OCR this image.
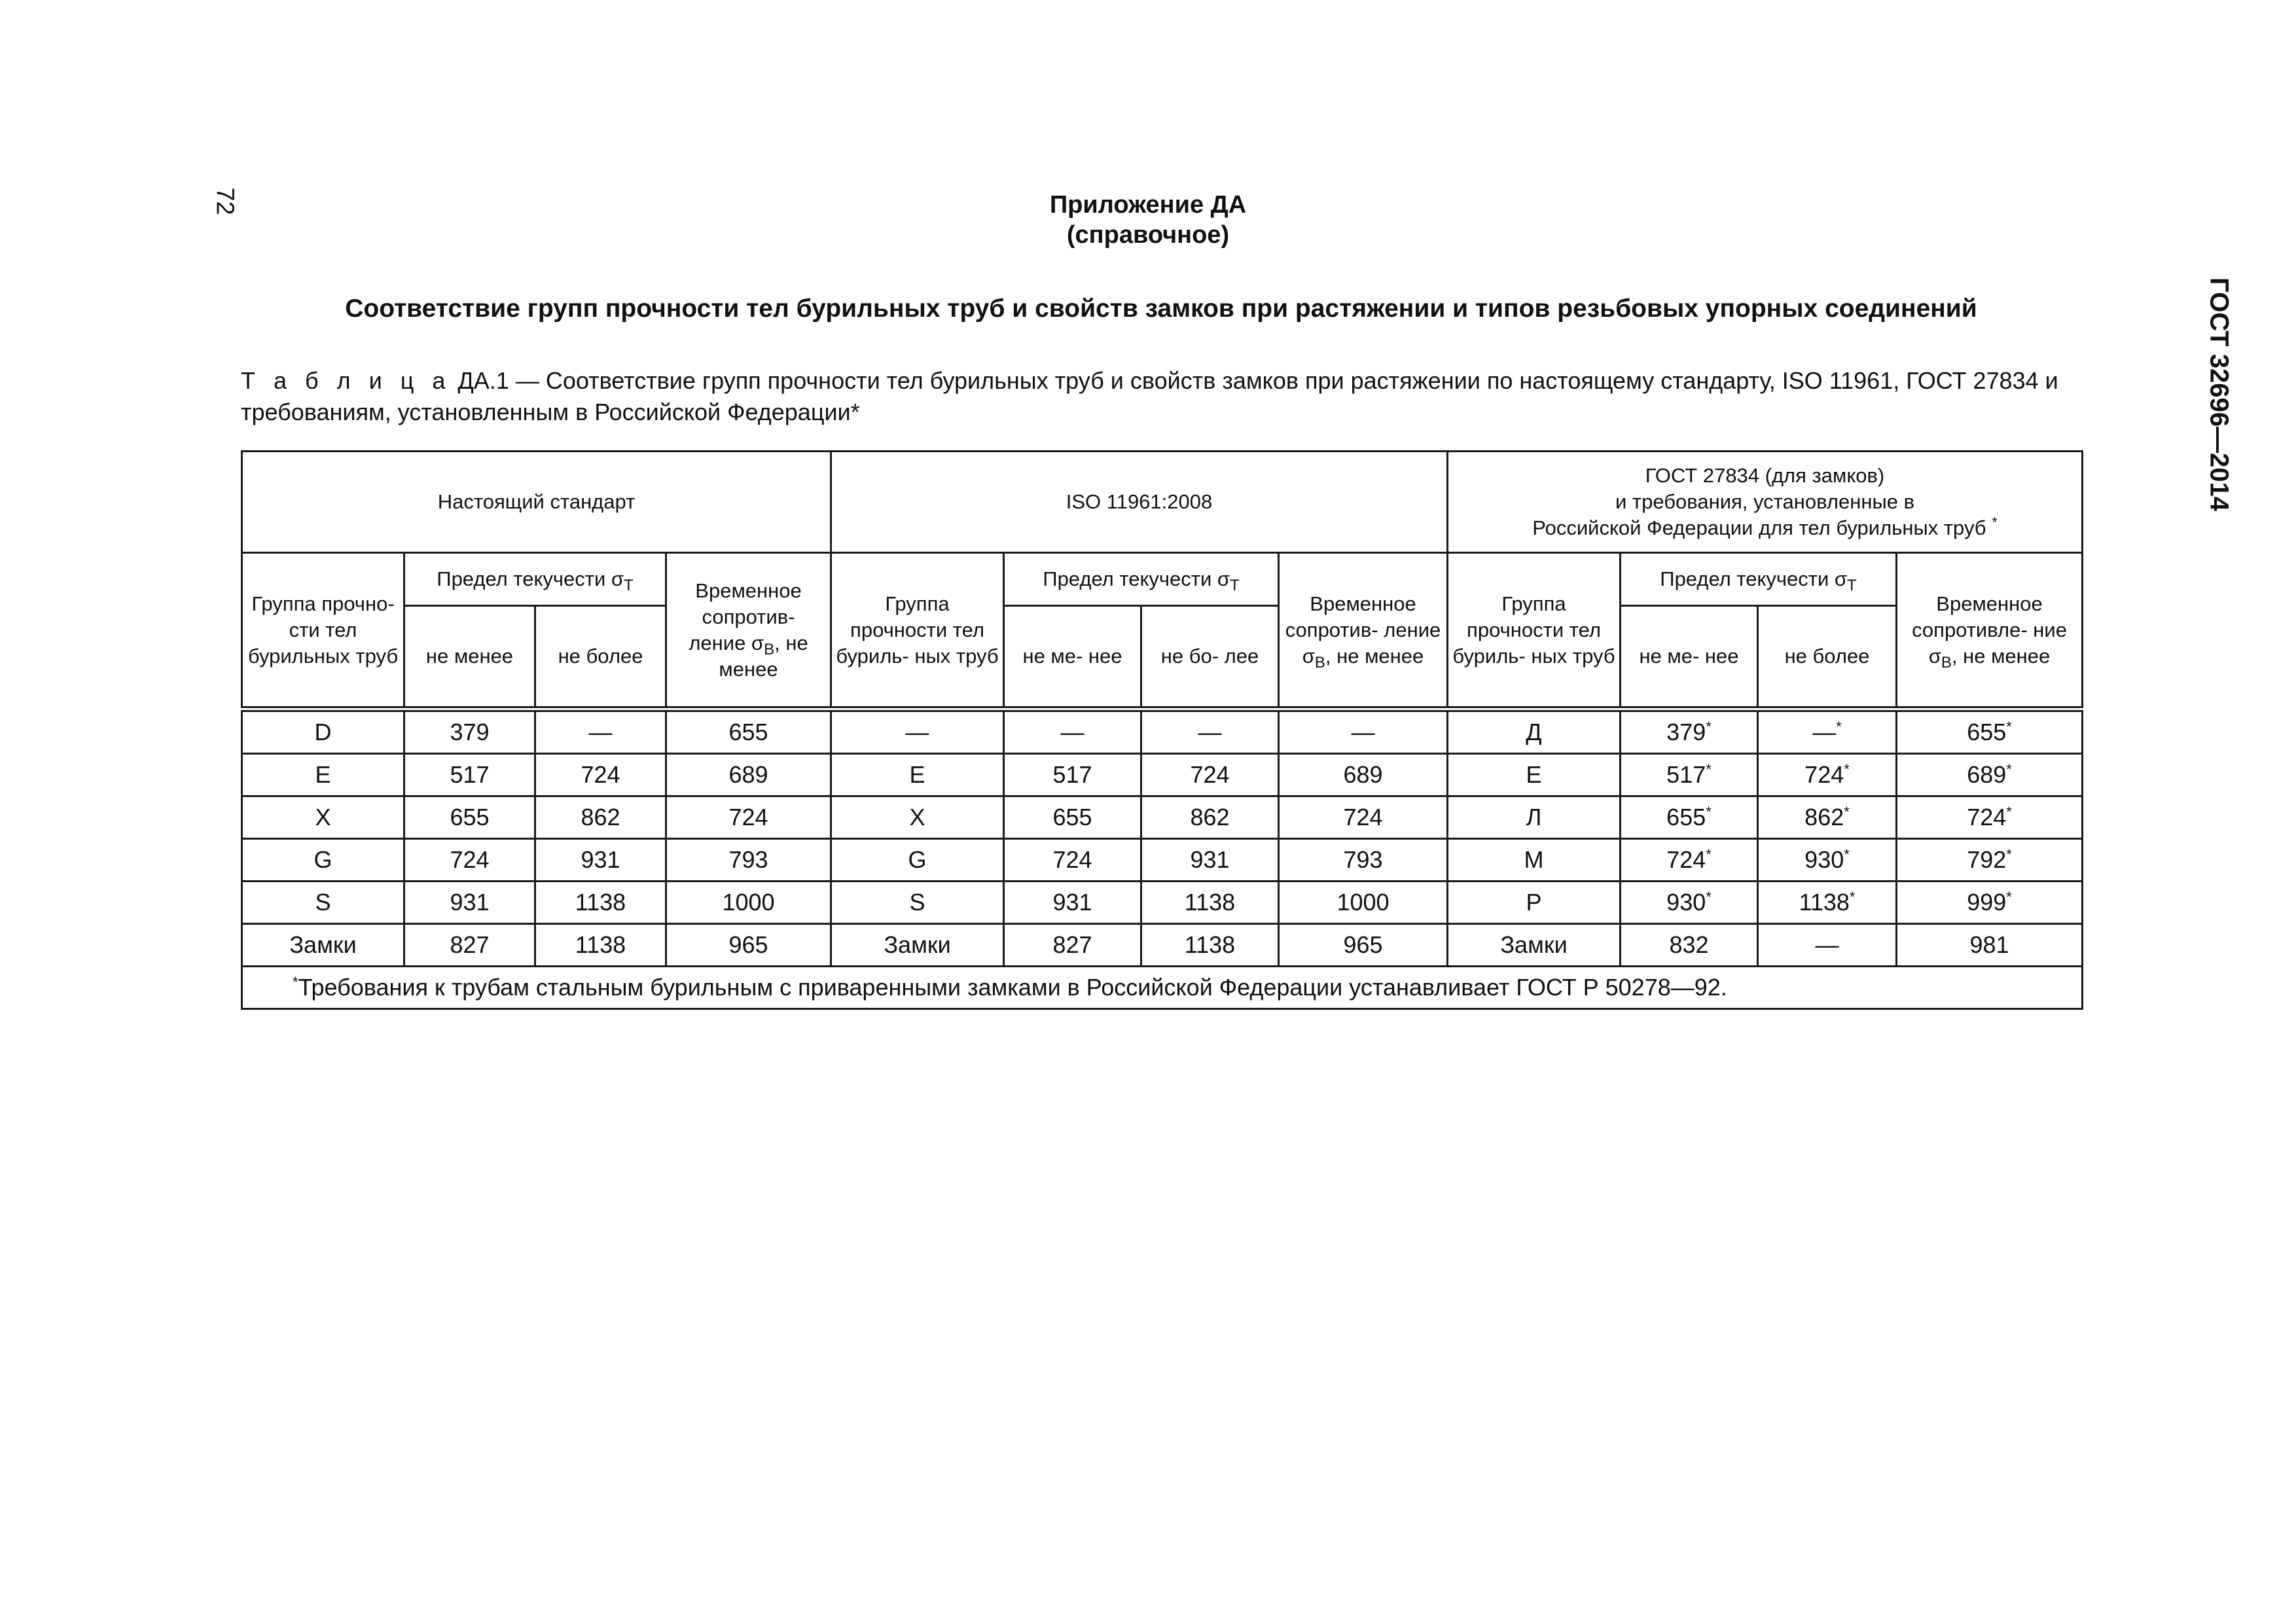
72
ГОСТ 32696—2014
Приложение ДА
(справочное)
Соответствие групп прочности тел бурильных труб и свойств замков при растяжении и типов резьбовых упорных соединений
Т а б л и ц а ДА.1 — Соответствие групп прочности тел бурильных труб и свойств замков при растяжении по настоящему стандарту, ISO 11961, ГОСТ 27834 и требованиям, установленным в Российской Федерации*
Настоящий стандарт				ISO 11961:2008				ГОСТ 27834 (для замков)
и требования, установленные в
Российской Федерации для тел бурильных труб *

Группа прочно- сти тел бурильных труб	Предел текучести $\sigma_Т$		Временное сопротив- ление $\sigma_В$, не менее	Группа прочности тел буриль- ных труб	Предел текучести $\sigma_Т$		Временное сопротив- ление $\sigma_В$, не менее	Группа прочности тел буриль- ных труб	Предел текучести $\sigma_Т$		Временное сопротивле- ние $\sigma_В$, не менее
	не менее	не более			не ме- нее	не бо- лее			не ме- нее	не более	
D	379	—	655	—	—	—	—	Д	379*	—*	655*
E	517	724	689	E	517	724	689	Е	517*	724*	689*
X	655	862	724	X	655	862	724	Л	655*	862*	724*
G	724	931	793	G	724	931	793	М	724*	930*	792*
S	931	1138	1000	S	931	1138	1000	Р	930*	1138*	999*
Замки	827	1138	965	Замки	827	1138	965	Замки	832	—	981
*Требования к трубам стальным бурильным с приваренными замками в Российской Федерации устанавливает ГОСТ Р 50278—92.											
